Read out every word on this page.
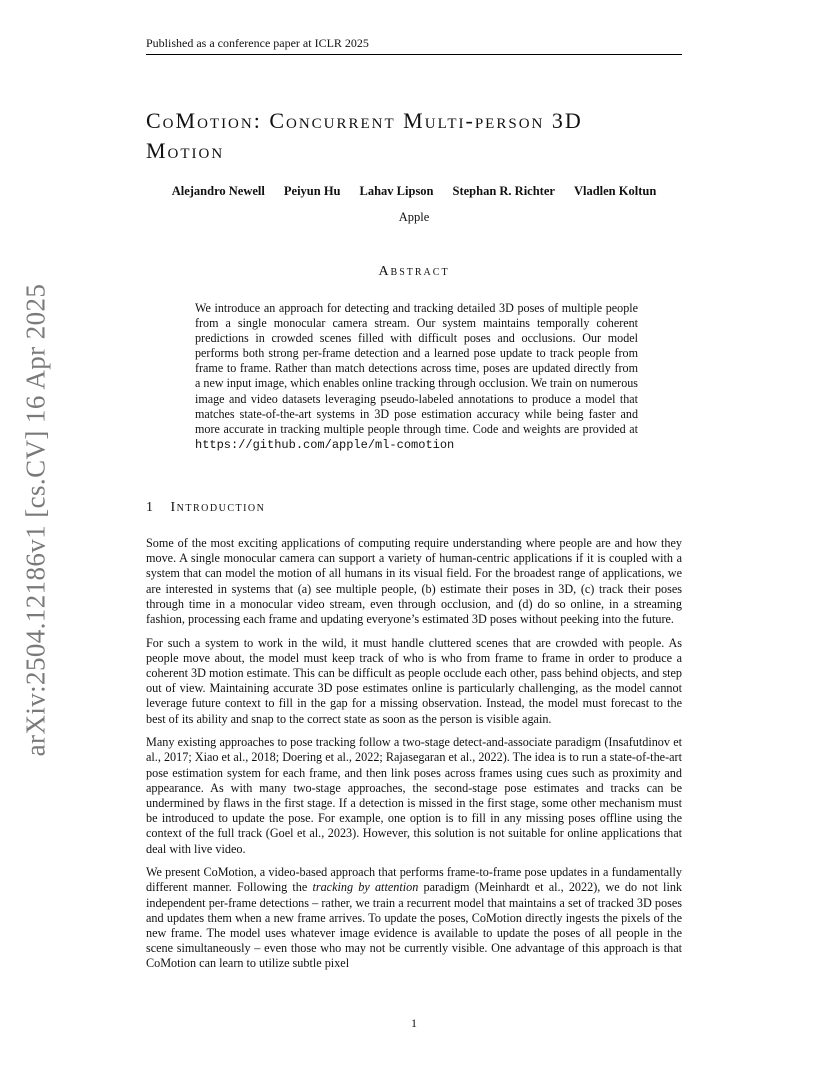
Published as a conference paper at ICLR 2025
CoMotion: Concurrent Multi-person 3D
Motion
Alejandro Newell Peiyun Hu Lahav Lipson Stephan R. Richter Vladlen Koltun
Apple
Abstract
We introduce an approach for detecting and tracking detailed 3D poses of multiple people from a single monocular camera stream. Our system maintains temporally coherent predictions in crowded scenes filled with difficult poses and occlusions. Our model performs both strong per-frame detection and a learned pose update to track people from frame to frame. Rather than match detections across time, poses are updated directly from a new input image, which enables online tracking through occlusion. We train on numerous image and video datasets leveraging pseudo-labeled annotations to produce a model that matches state-of-the-art systems in 3D pose estimation accuracy while being faster and more accurate in tracking multiple people through time. Code and weights are provided at https://github.com/apple/ml-comotion
1 Introduction

Some of the most exciting applications of computing require understanding where people are and how they move. A single monocular camera can support a variety of human-centric applications if it is coupled with a system that can model the motion of all humans in its visual field. For the broadest range of applications, we are interested in systems that (a) see multiple people, (b) estimate their poses in 3D, (c) track their poses through time in a monocular video stream, even through occlusion, and (d) do so online, in a streaming fashion, processing each frame and updating everyone’s estimated 3D poses without peeking into the future.

For such a system to work in the wild, it must handle cluttered scenes that are crowded with people. As people move about, the model must keep track of who is who from frame to frame in order to produce a coherent 3D motion estimate. This can be difficult as people occlude each other, pass behind objects, and step out of view. Maintaining accurate 3D pose estimates online is particularly challenging, as the model cannot leverage future context to fill in the gap for a missing observation. Instead, the model must forecast to the best of its ability and snap to the correct state as soon as the person is visible again.

Many existing approaches to pose tracking follow a two-stage detect-and-associate paradigm (Insafutdinov et al., 2017; Xiao et al., 2018; Doering et al., 2022; Rajasegaran et al., 2022). The idea is to run a state-of-the-art pose estimation system for each frame, and then link poses across frames using cues such as proximity and appearance. As with many two-stage approaches, the second-stage pose estimates and tracks can be undermined by flaws in the first stage. If a detection is missed in the first stage, some other mechanism must be introduced to update the pose. For example, one option is to fill in any missing poses offline using the context of the full track (Goel et al., 2023). However, this solution is not suitable for online applications that deal with live video.

We present CoMotion, a video-based approach that performs frame-to-frame pose updates in a fundamentally different manner. Following the tracking by attention paradigm (Meinhardt et al., 2022), we do not link independent per-frame detections – rather, we train a recurrent model that maintains a set of tracked 3D poses and updates them when a new frame arrives. To update the poses, CoMotion directly ingests the pixels of the new frame. The model uses whatever image evidence is available to update the poses of all people in the scene simultaneously – even those who may not be currently visible. One advantage of this approach is that CoMotion can learn to utilize subtle pixel

arXiv:2504.12186v1 [cs.CV] 16 Apr 2025
1
